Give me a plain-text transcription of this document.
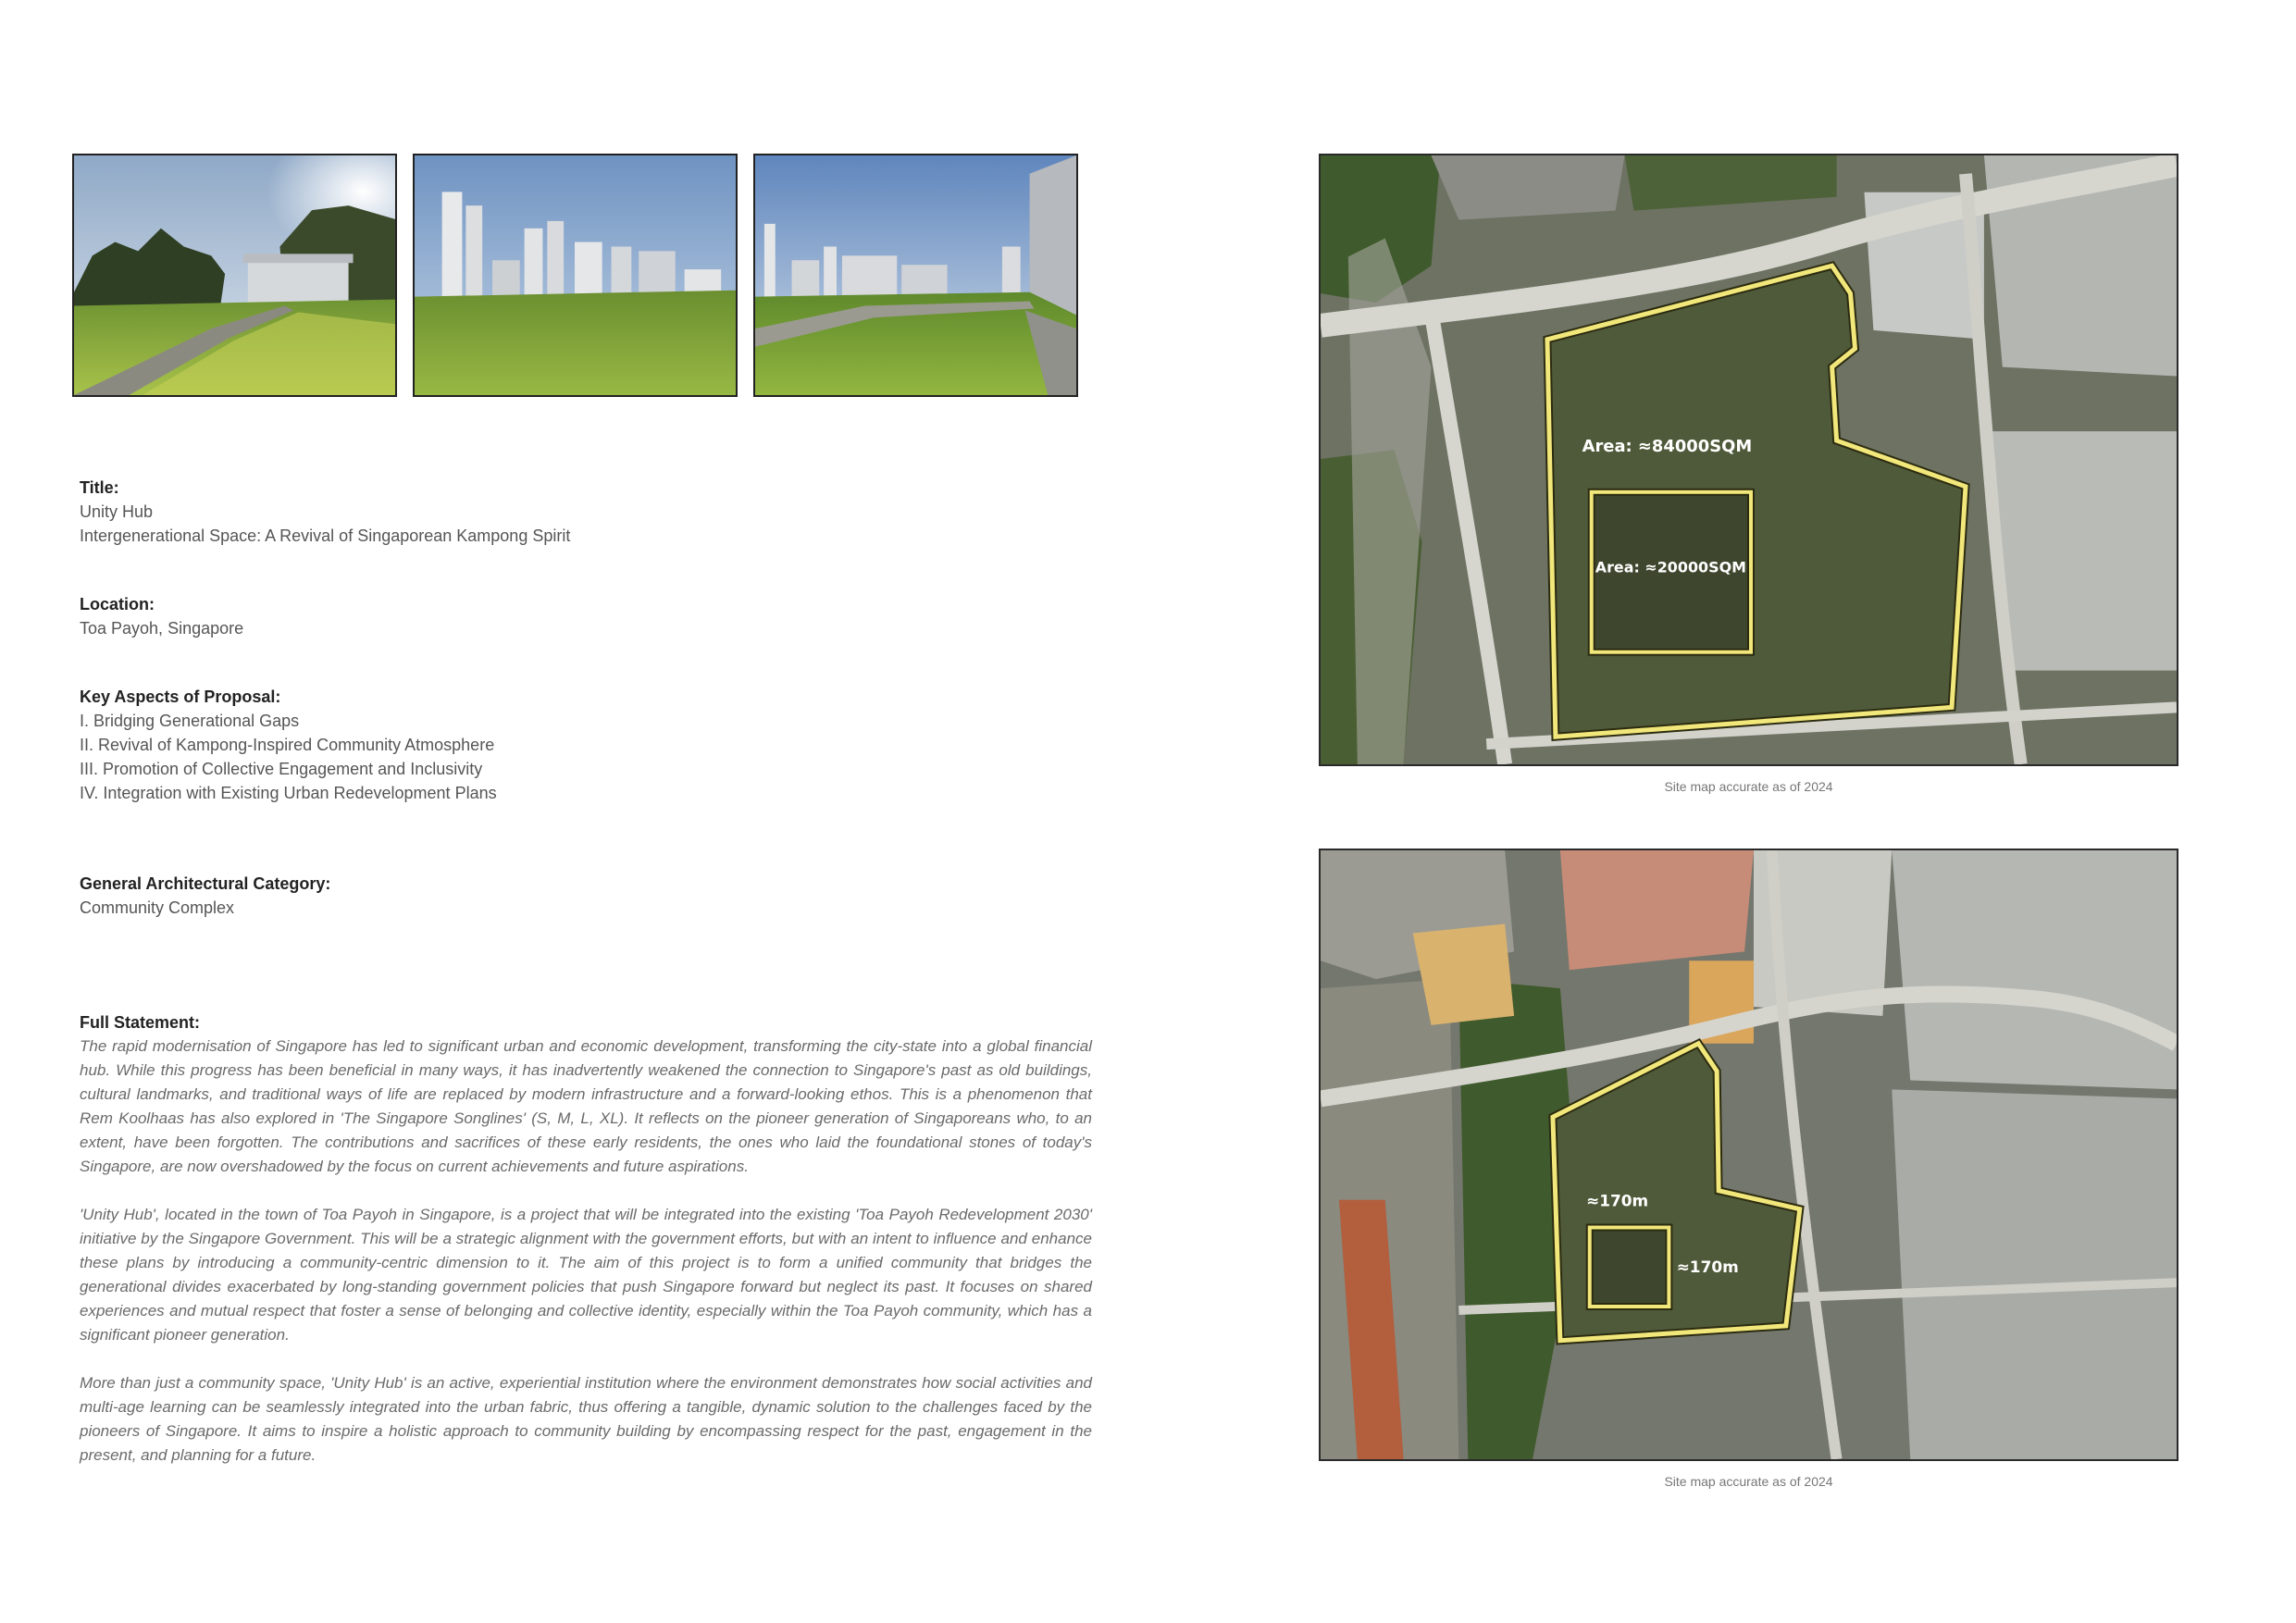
Title:
Unity Hub
Intergenerational Space: A Revival of Singaporean Kampong Spirit
Location:
Toa Payoh, Singapore
Key Aspects of Proposal:
I. Bridging Generational Gaps
II. Revival of Kampong-Inspired Community Atmosphere
III. Promotion of Collective Engagement and Inclusivity
IV. Integration with Existing Urban Redevelopment Plans
General Architectural Category:
Community Complex
Full Statement:

The rapid modernisation of Singapore has led to significant urban and economic development, transforming the city-state into a global financial hub. While this progress has been beneficial in many ways, it has inadvertently weakened the connection to Singapore's past as old buildings, cultural landmarks, and traditional ways of life are replaced by modern infrastructure and a forward-looking ethos. This is a phenomenon that Rem Koolhaas has also explored in 'The Singapore Songlines' (S, M, L, XL). It reflects on the pioneer generation of Singaporeans who, to an extent, have been forgotten. The contributions and sacrifices of these early residents, the ones who laid the foundational stones of today's Singapore, are now overshadowed by the focus on current achievements and future aspirations.

'Unity Hub', located in the town of Toa Payoh in Singapore, is a project that will be integrated into the existing 'Toa Payoh Redevelopment 2030' initiative by the Singapore Government. This will be a strategic alignment with the government efforts, but with an intent to influence and enhance these plans by introducing a community-centric dimension to it. The aim of this project is to form a unified community that bridges the generational divides exacerbated by long-standing government policies that push Singapore forward but neglect its past. It focuses on shared experiences and mutual respect that foster a sense of belonging and collective identity, especially within the Toa Payoh community, which has a significant pioneer generation.

More than just a community space, 'Unity Hub' is an active, experiential institution where the environment demonstrates how social activities and multi-age learning can be seamlessly integrated into the urban fabric, thus offering a tangible, dynamic solution to the challenges faced by the pioneers of Singapore. It aims to inspire a holistic approach to community building by encompassing respect for the past, engagement in the present, and planning for a future.

Area: ≈84000SQM
Area: ≈20000SQM
Site map accurate as of 2024
≈170m
≈170m
Site map accurate as of 2024
